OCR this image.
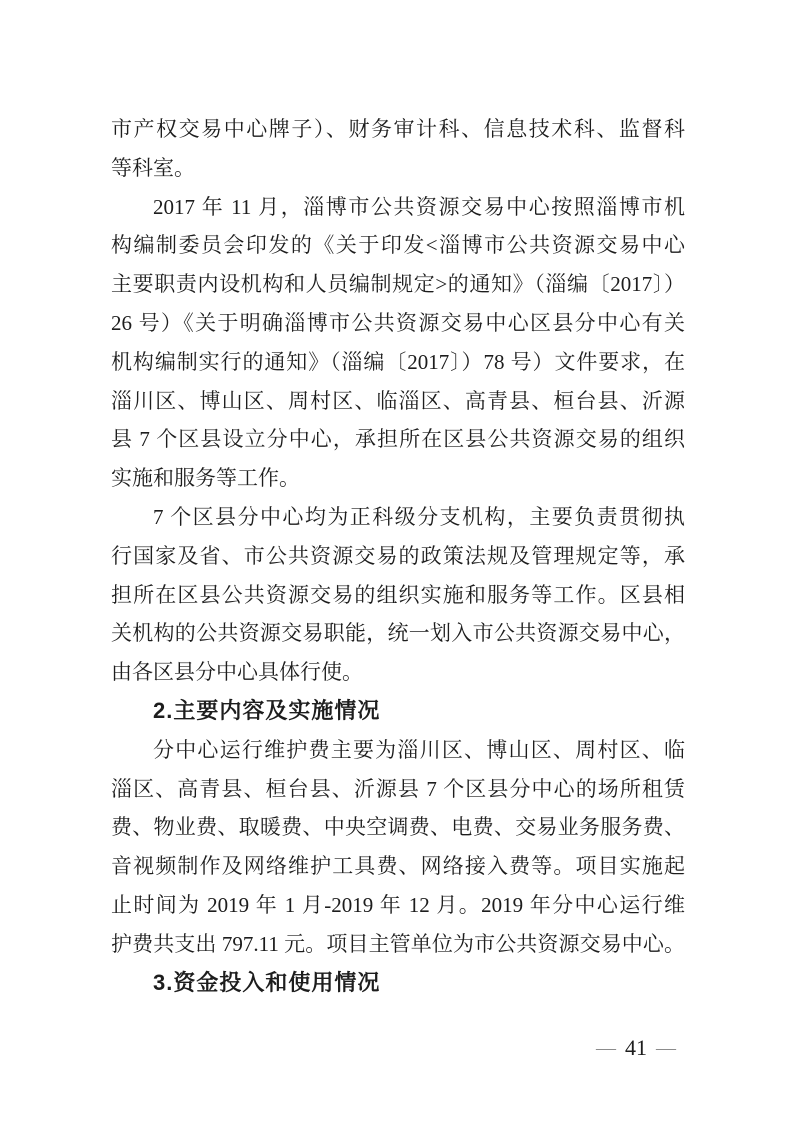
市产权交易中心牌子）、财务审计科、信息技术科、监督科
等科室。
2017 年 11 月，淄博市公共资源交易中心按照淄博市机
构编制委员会印发的《关于印发<淄博市公共资源交易中心
主要职责内设机构和人员编制规定>的通知》（淄编〔2017〕）
26 号）《关于明确淄博市公共资源交易中心区县分中心有关
机构编制实行的通知》（淄编〔2017〕）78 号）文件要求，在
淄川区、博山区、周村区、临淄区、高青县、桓台县、沂源
县 7 个区县设立分中心，承担所在区县公共资源交易的组织
实施和服务等工作。
7 个区县分中心均为正科级分支机构，主要负责贯彻执
行国家及省、市公共资源交易的政策法规及管理规定等，承
担所在区县公共资源交易的组织实施和服务等工作。区县相
关机构的公共资源交易职能，统一划入市公共资源交易中心，
由各区县分中心具体行使。
2.主要内容及实施情况
分中心运行维护费主要为淄川区、博山区、周村区、临
淄区、高青县、桓台县、沂源县 7 个区县分中心的场所租赁
费、物业费、取暖费、中央空调费、电费、交易业务服务费、
音视频制作及网络维护工具费、网络接入费等。项目实施起
止时间为 2019 年 1 月-2019 年 12 月。2019 年分中心运行维
护费共支出 797.11 元。项目主管单位为市公共资源交易中心。
3.资金投入和使用情况
— 41 —
